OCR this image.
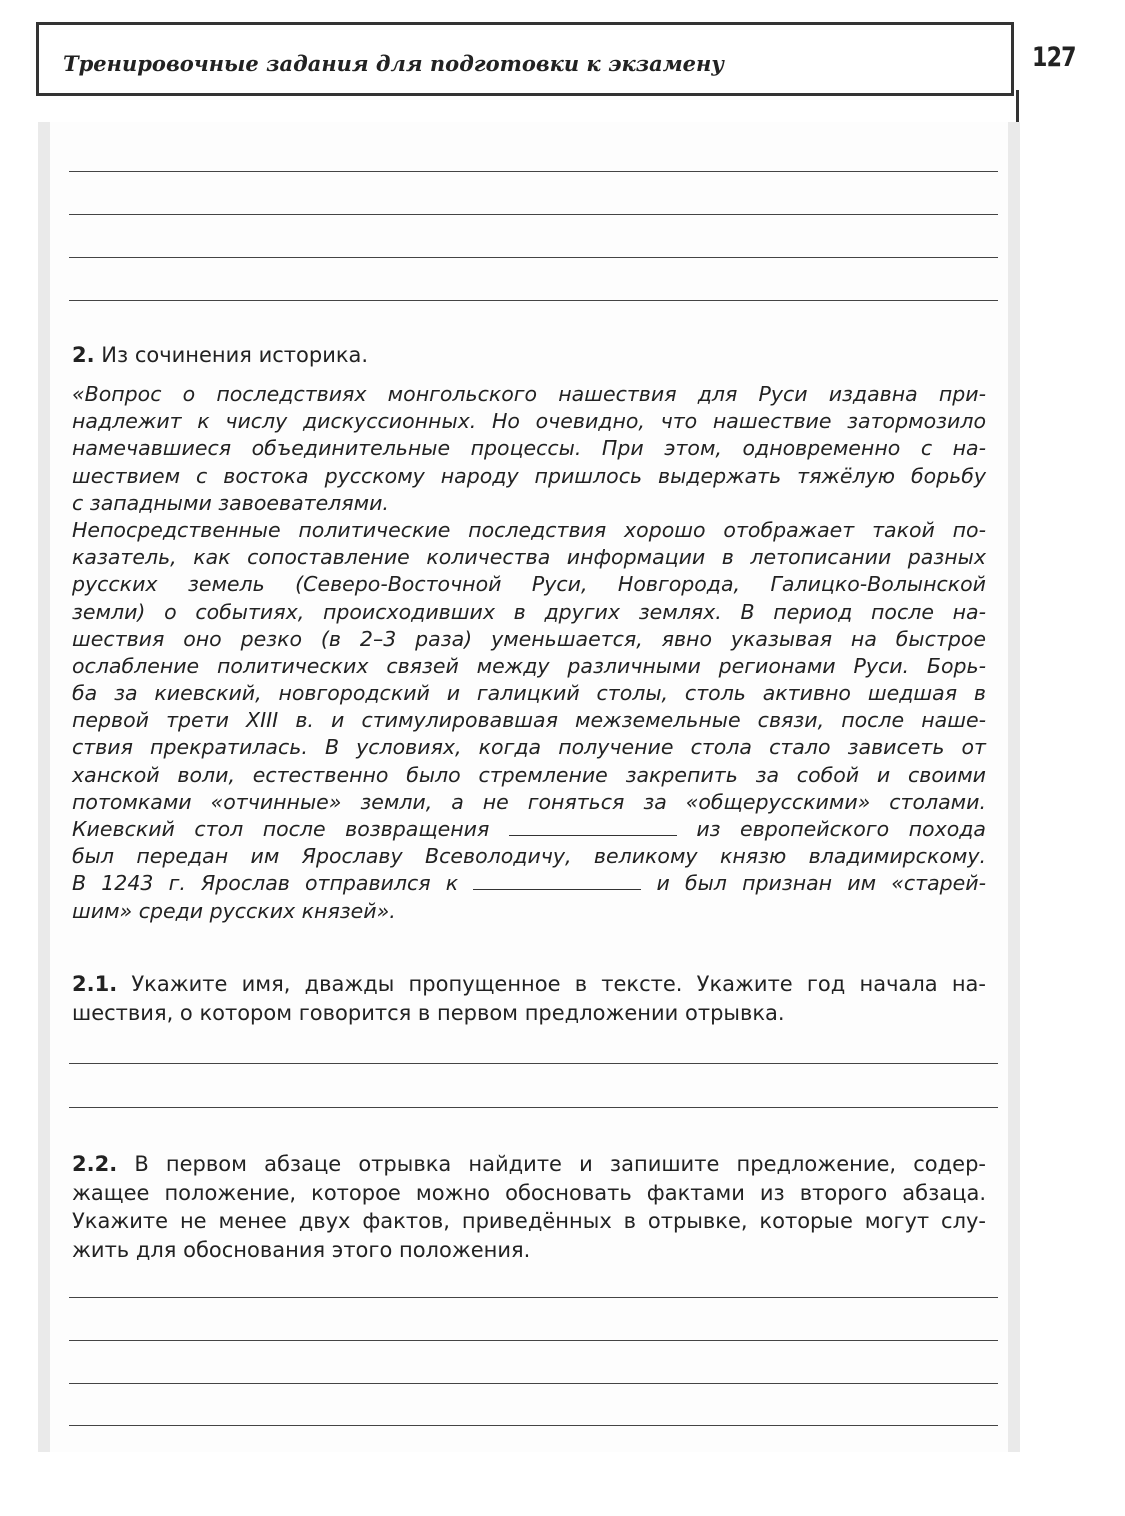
Тренировочные задания для подготовки к экзамену	127
2. Из сочинения историка.
«Вопрос о последствиях монгольского нашествия для Руси издавна при-
надлежит к числу дискуссионных. Но очевидно, что нашествие затормозило
намечавшиеся объединительные процессы. При этом, одновременно с на-
шествием с востока русскому народу пришлось выдержать тяжёлую борьбу
с западными завоевателями.
Непосредственные политические последствия хорошо отображает такой по-
казатель, как сопоставление количества информации в летописании разных
русских земель (Северо-Восточной Руси, Новгорода, Галицко-Волынской
земли) о событиях, происходивших в других землях. В период после на-
шествия оно резко (в 2–3 раза) уменьшается, явно указывая на быстрое
ослабление политических связей между различными регионами Руси. Борь-
ба за киевский, новгородский и галицкий столы, столь активно шедшая в
первой трети XIII в. и стимулировавшая межземельные связи, после наше-
ствия прекратилась. В условиях, когда получение стола стало зависеть от
ханской воли, естественно было стремление закрепить за собой и своими
потомками «отчинные» земли, а не гоняться за «общерусскими» столами.
Киевский стол после возвращения	из европейского похода
был передан им Ярославу Всеволодичу, великому князю владимирскому.
В 1243 г. Ярослав отправился к	и был признан им «старей-
шим» среди русских князей».
2.1. Укажите имя, дважды пропущенное в тексте. Укажите год начала на-
шествия, о котором говорится в первом предложении отрывка.
2.2. В первом абзаце отрывка найдите и запишите предложение, содер-
жащее положение, которое можно обосновать фактами из второго абзаца.
Укажите не менее двух фактов, приведённых в отрывке, которые могут слу-
жить для обоснования этого положения.
